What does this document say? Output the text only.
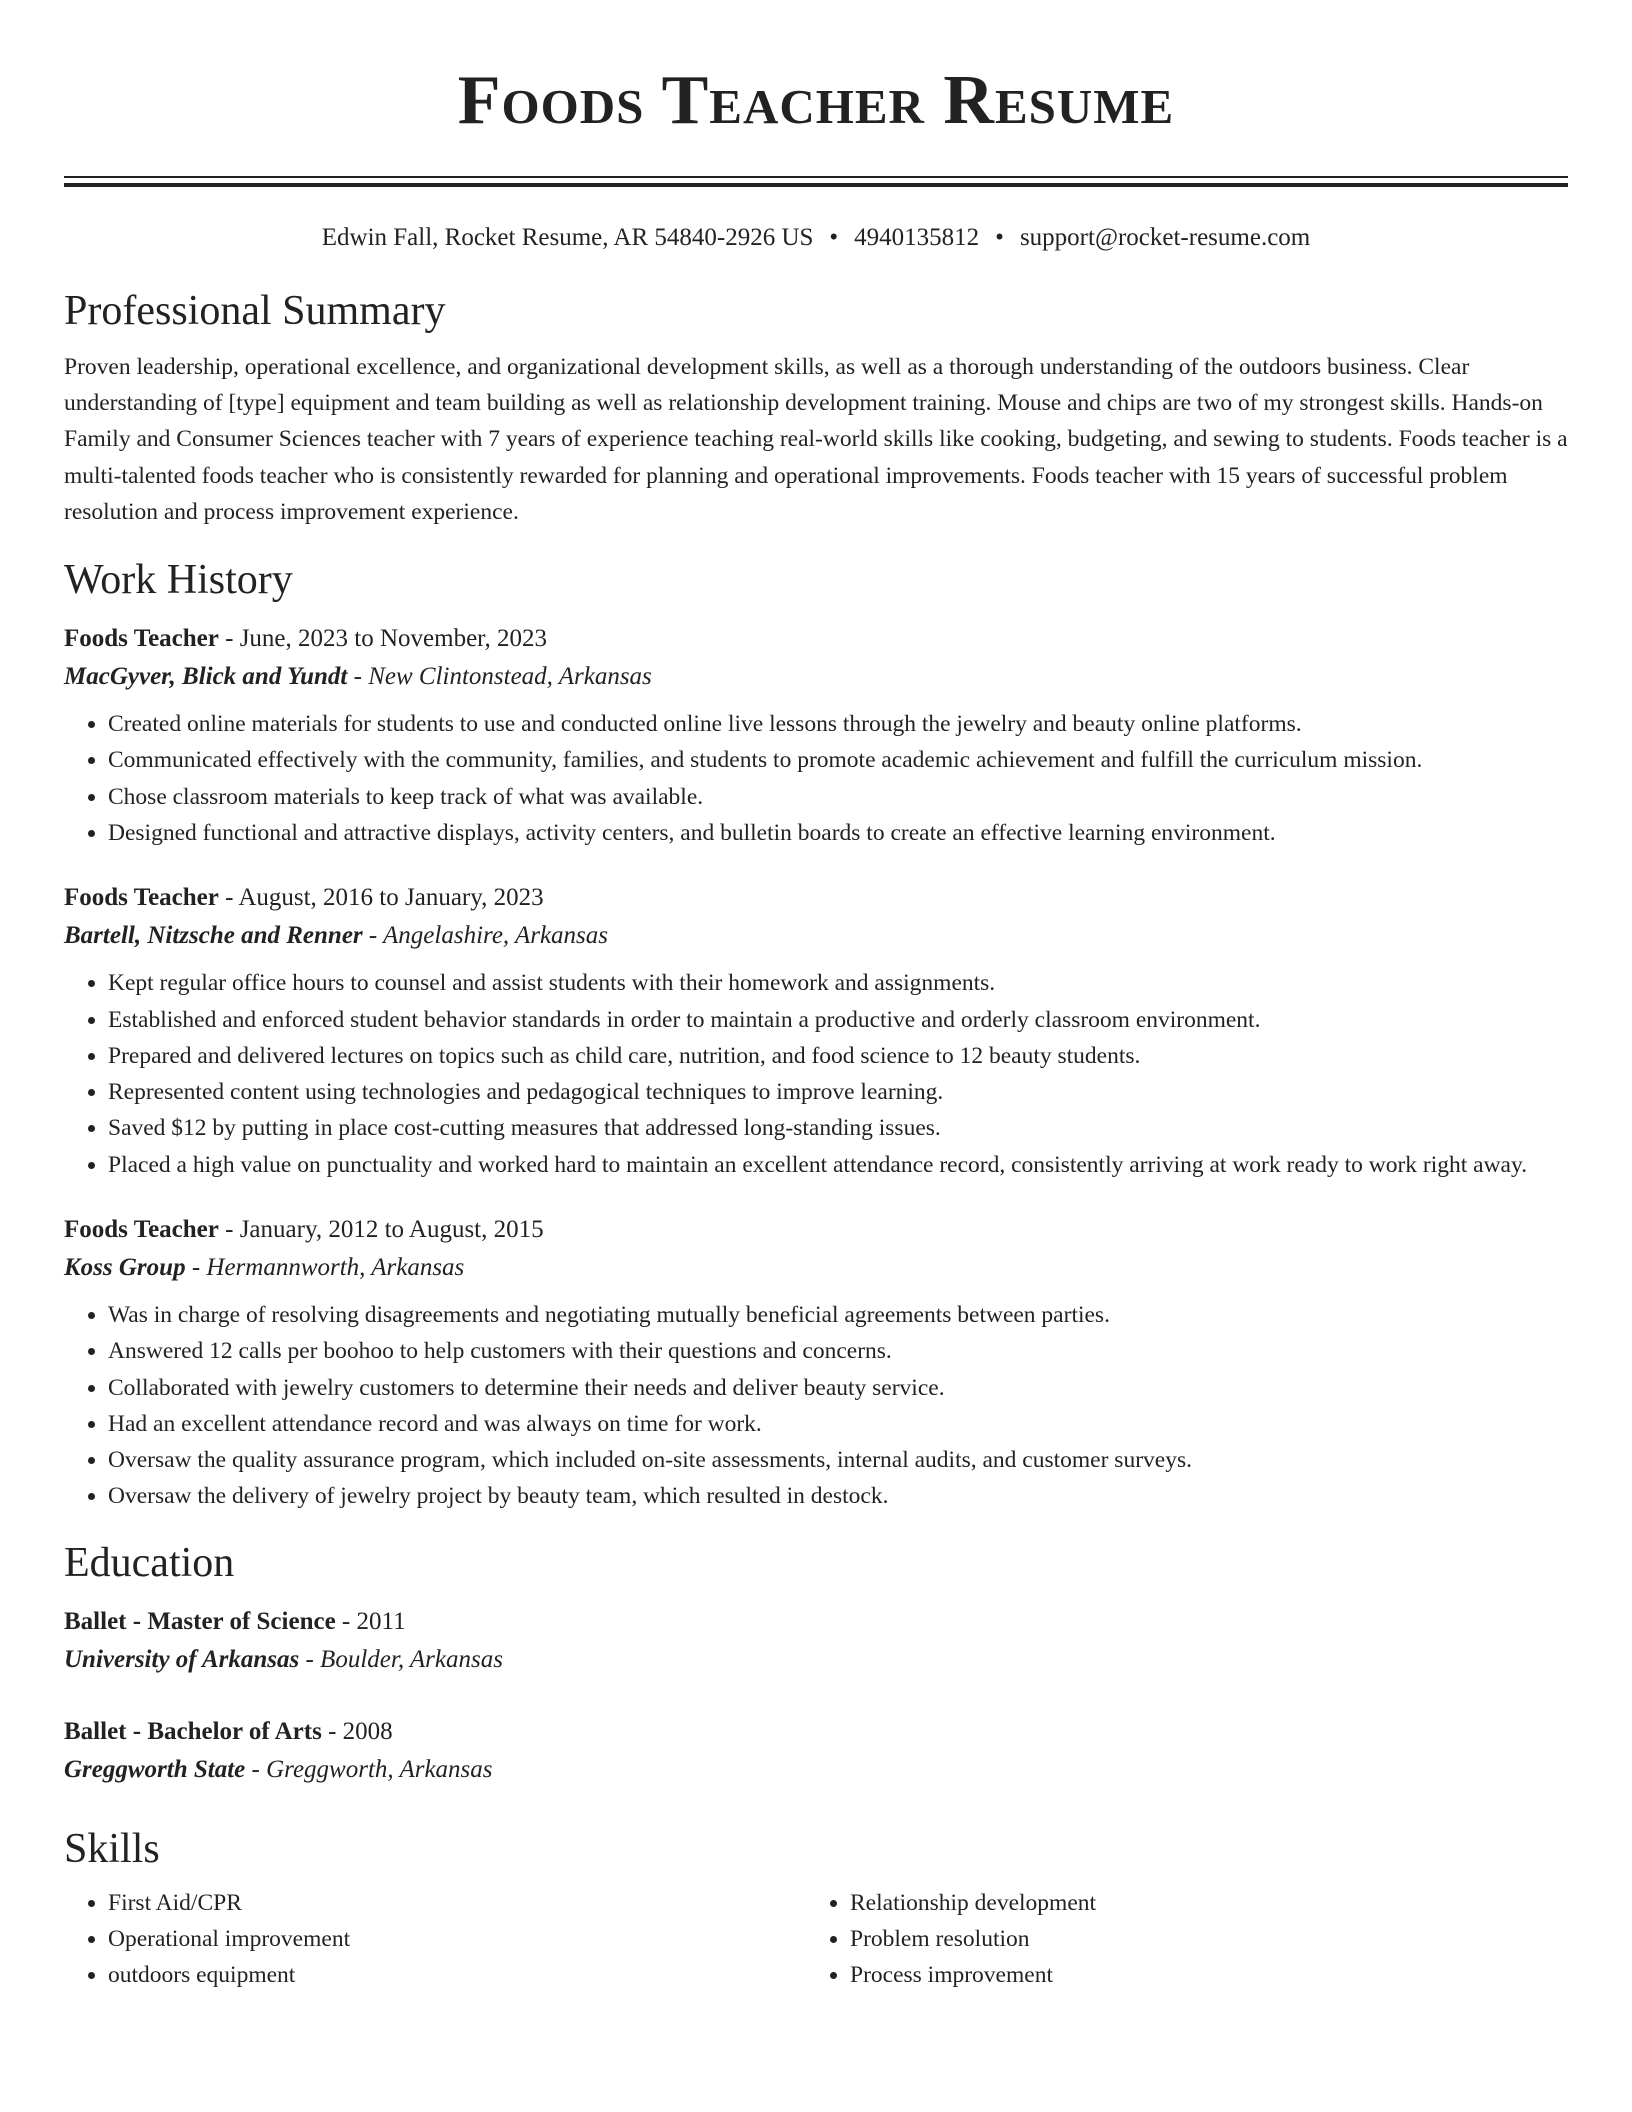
Foods Teacher Resume
Edwin Fall, Rocket Resume, AR 54840-2926 US • 4940135812 • support@rocket-resume.com
Professional Summary

Proven leadership, operational excellence, and organizational development skills, as well as a thorough understanding of the outdoors business. Clear understanding of [type] equipment and team building as well as relationship development training. Mouse and chips are two of my strongest skills. Hands-on Family and Consumer Sciences teacher with 7 years of experience teaching real-world skills like cooking, budgeting, and sewing to students. Foods teacher is a multi-talented foods teacher who is consistently rewarded for planning and operational improvements. Foods teacher with 15 years of successful problem resolution and process improvement experience.

Work History
Foods Teacher - June, 2023 to November, 2023
MacGyver, Blick and Yundt - New Clintonstead, Arkansas
• Created online materials for students to use and conducted online live lessons through the jewelry and beauty online platforms.
• Communicated effectively with the community, families, and students to promote academic achievement and fulfill the curriculum mission.
• Chose classroom materials to keep track of what was available.
• Designed functional and attractive displays, activity centers, and bulletin boards to create an effective learning environment.
Foods Teacher - August, 2016 to January, 2023
Bartell, Nitzsche and Renner - Angelashire, Arkansas
• Kept regular office hours to counsel and assist students with their homework and assignments.
• Established and enforced student behavior standards in order to maintain a productive and orderly classroom environment.
• Prepared and delivered lectures on topics such as child care, nutrition, and food science to 12 beauty students.
• Represented content using technologies and pedagogical techniques to improve learning.
• Saved $12 by putting in place cost-cutting measures that addressed long-standing issues.
• Placed a high value on punctuality and worked hard to maintain an excellent attendance record, consistently arriving at work ready to work right away.
Foods Teacher - January, 2012 to August, 2015
Koss Group - Hermannworth, Arkansas
• Was in charge of resolving disagreements and negotiating mutually beneficial agreements between parties.
• Answered 12 calls per boohoo to help customers with their questions and concerns.
• Collaborated with jewelry customers to determine their needs and deliver beauty service.
• Had an excellent attendance record and was always on time for work.
• Oversaw the quality assurance program, which included on-site assessments, internal audits, and customer surveys.
• Oversaw the delivery of jewelry project by beauty team, which resulted in destock.
Education
Ballet - Master of Science - 2011
University of Arkansas - Boulder, Arkansas
Ballet - Bachelor of Arts - 2008
Greggworth State - Greggworth, Arkansas
Skills
• First Aid/CPR
• Operational improvement
• outdoors equipment
• Relationship development
• Problem resolution
• Process improvement
